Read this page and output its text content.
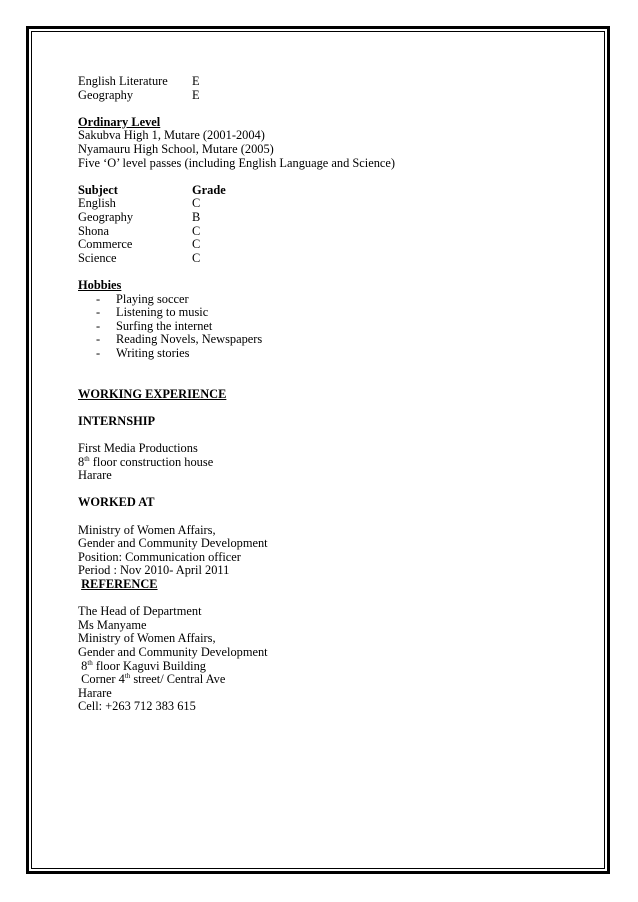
English Literature	E
Geography	E
Ordinary Level
Sakubva High 1, Mutare (2001-2004)
Nyamauru High School, Mutare (2005)
Five ‘O’ level passes (including English Language and Science)
Subject	Grade
English	C
Geography	B
Shona	C
Commerce	C
Science	C
Hobbies
-	Playing soccer
-	Listening to music
-	Surfing the internet
-	Reading Novels, Newspapers
-	Writing stories
WORKING EXPERIENCE
INTERNSHIP
First Media Productions
8th floor construction house
Harare
WORKED AT
Ministry of Women Affairs,
Gender and Community Development
Position: Communication officer
Period : Nov 2010- April 2011
REFERENCE
The Head of Department
Ms Manyame
Ministry of Women Affairs,
Gender and Community Development
8th floor Kaguvi Building
Corner 4th street/ Central Ave
Harare
Cell: +263 712 383 615
